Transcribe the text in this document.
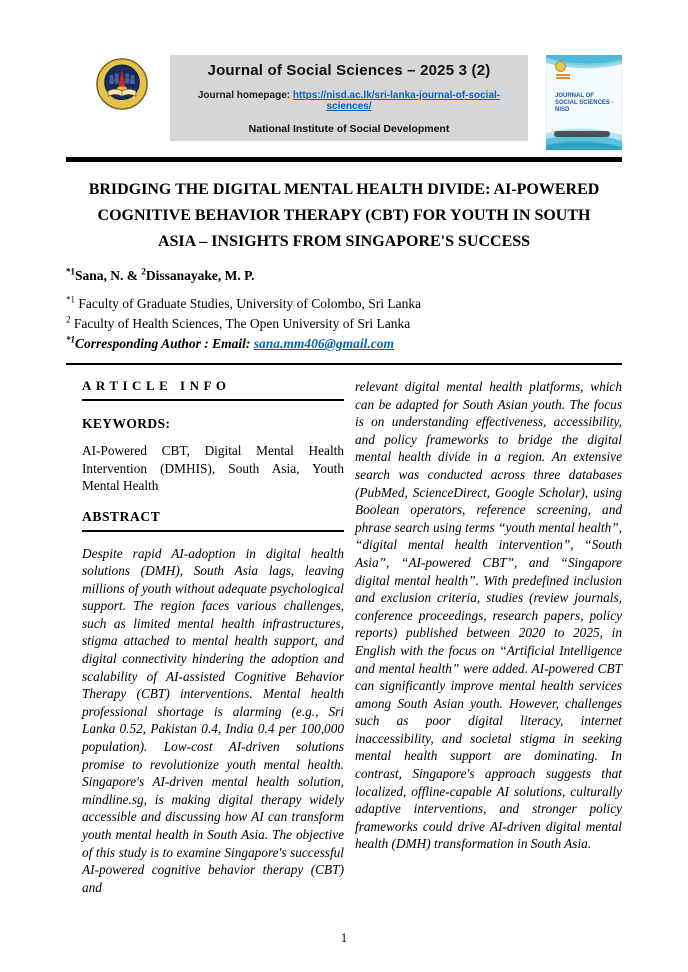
Journal of Social Sciences – 2025 3 (2)
Journal homepage: https://nisd.ac.lk/sri-lanka-journal-of-social-sciences/
National Institute of Social Development
JOURNAL OF
SOCIAL SCIENCES - NISD
BRIDGING THE DIGITAL MENTAL HEALTH DIVIDE: AI-POWERED COGNITIVE BEHAVIOR THERAPY (CBT) FOR YOUTH IN SOUTH ASIA – INSIGHTS FROM SINGAPORE'S SUCCESS
$^{*1}$Sana, N. & $^2$Dissanayake, M. P.
$^{*1}$ Faculty of Graduate Studies, University of Colombo, Sri Lanka
$^2$ Faculty of Health Sciences, The Open University of Sri Lanka
$^{*1}$Corresponding Author : Email: sana.mm406@gmail.com
ARTICLE INFO
KEYWORDS:

AI-Powered CBT, Digital Mental Health Intervention (DMHIS), South Asia, Youth Mental Health

ABSTRACT

Despite rapid AI-adoption in digital health solutions (DMH), South Asia lags, leaving millions of youth without adequate psychological support. The region faces various challenges, such as limited mental health infrastructures, stigma attached to mental health support, and digital connectivity hindering the adoption and scalability of AI-assisted Cognitive Behavior Therapy (CBT) interventions. Mental health professional shortage is alarming (e.g., Sri Lanka 0.52, Pakistan 0.4, India 0.4 per 100,000 population). Low-cost AI-driven solutions promise to revolutionize youth mental health. Singapore's AI-driven mental health solution, mindline.sg, is making digital therapy widely accessible and discussing how AI can transform youth mental health in South Asia. The objective of this study is to examine Singapore's successful AI-powered cognitive behavior therapy (CBT) and

relevant digital mental health platforms, which can be adapted for South Asian youth. The focus is on understanding effectiveness, accessibility, and policy frameworks to bridge the digital mental health divide in a region. An extensive search was conducted across three databases (PubMed, ScienceDirect, Google Scholar), using Boolean operators, reference screening, and phrase search using terms “youth mental health”, “digital mental health intervention”, “South Asia”, “AI-powered CBT”, and “Singapore digital mental health”. With predefined inclusion and exclusion criteria, studies (review journals, conference proceedings, research papers, policy reports) published between 2020 to 2025, in English with the focus on “Artificial Intelligence and mental health” were added. AI-powered CBT can significantly improve mental health services among South Asian youth. However, challenges such as poor digital literacy, internet inaccessibility, and societal stigma in seeking mental health support are dominating. In contrast, Singapore's approach suggests that localized, offline-capable AI solutions, culturally adaptive interventions, and stronger policy frameworks could drive AI-driven digital mental health (DMH) transformation in South Asia.

1
